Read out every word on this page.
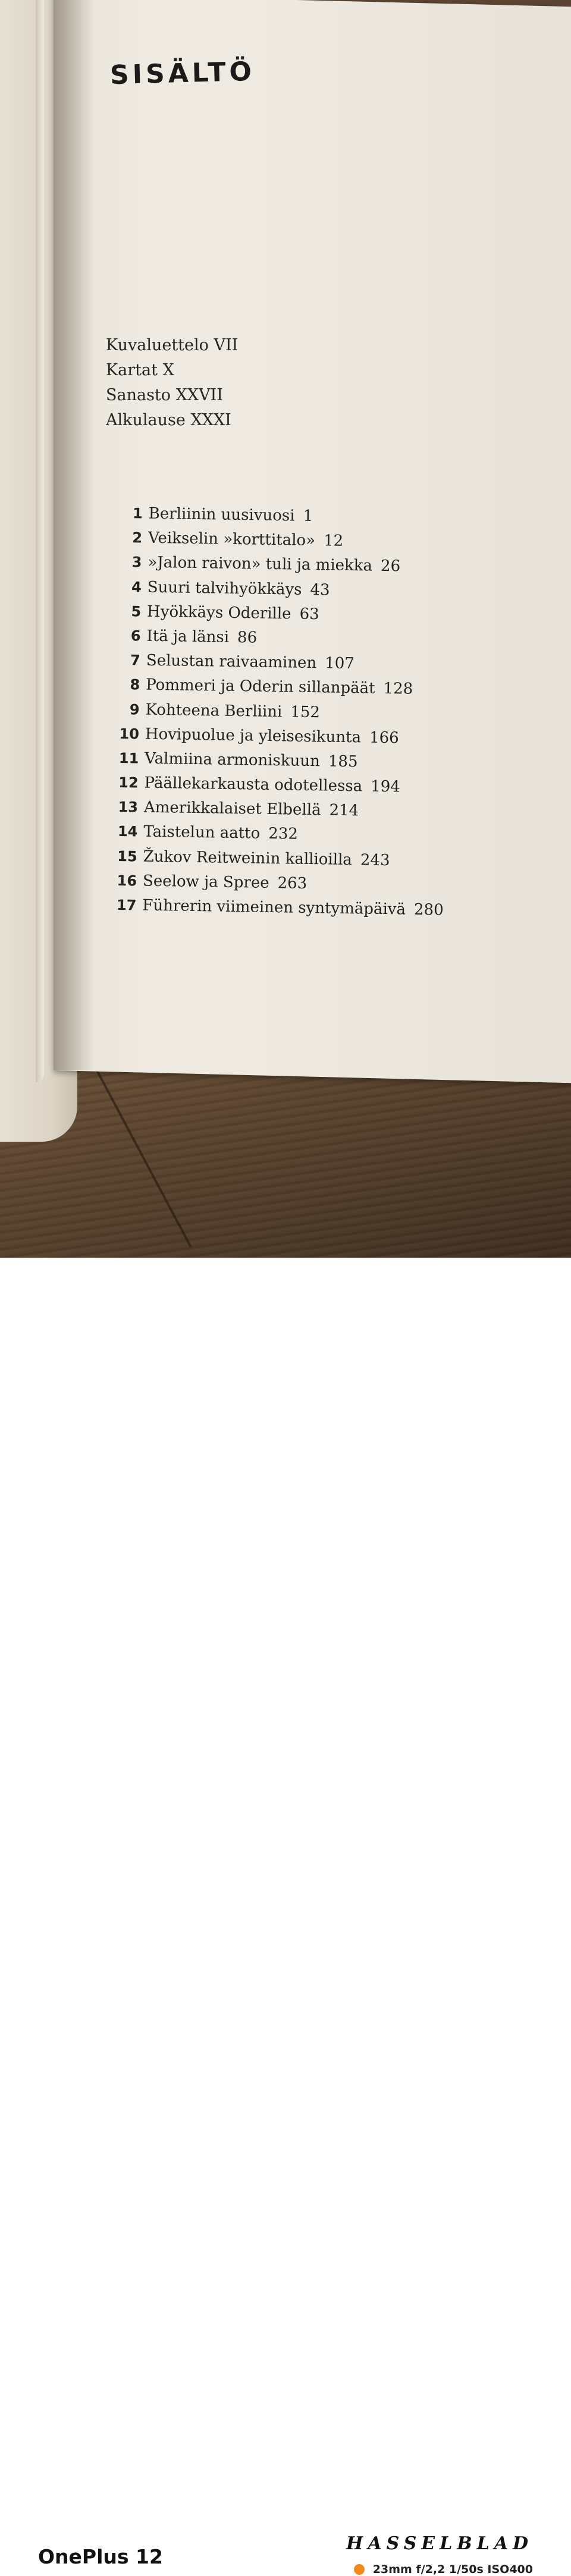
SISÄLTÖ
Kuvaluettelo VII
Kartat X
Sanasto XXVII
Alkulause XXXI
1 Berliinin uusivuosi 1
2 Veikselin »korttitalo» 12
3 »Jalon raivon» tuli ja miekka 26
4 Suuri talvihyökkäys 43
5 Hyökkäys Oderille 63
6 Itä ja länsi 86
7 Selustan raivaaminen 107
8 Pommeri ja Oderin sillanpäät 128
9 Kohteena Berliini 152
10 Hovipuolue ja yleisesikunta 166
11 Valmiina armoniskuun 185
12 Päällekarkausta odotellessa 194
13 Amerikkalaiset Elbellä 214
14 Taistelun aatto 232
15 Žukov Reitweinin kallioilla 243
16 Seelow ja Spree 263
17 Führerin viimeinen syntymäpäivä 280
OnePlus 12
HASSELBLAD
23mm f/2,2 1/50s ISO400
